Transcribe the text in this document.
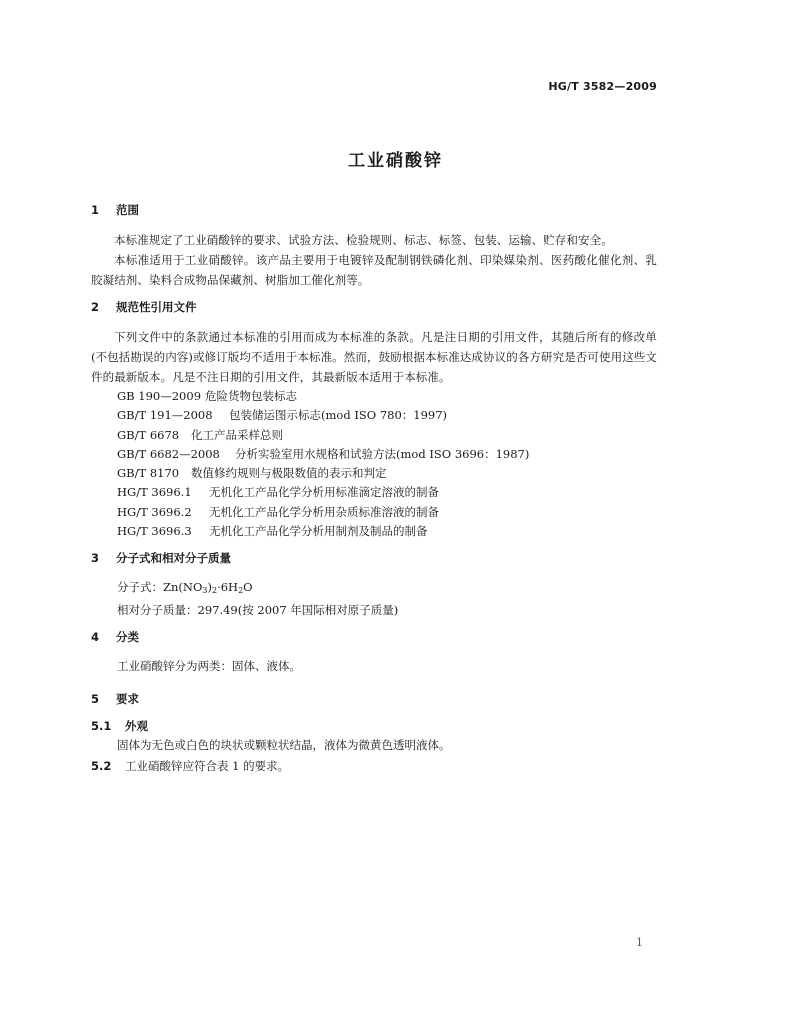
HG/T 3582—2009
工业硝酸锌
1 范围

本标准规定了工业硝酸锌的要求、试验方法、检验规则、标志、标签、包装、运输、贮存和安全。

本标准适用于工业硝酸锌。该产品主要用于电镀锌及配制钢铁磷化剂、印染媒染剂、医药酸化催化剂、乳胶凝结剂、染料合成物品保藏剂、树脂加工催化剂等。

2 规范性引用文件

下列文件中的条款通过本标准的引用而成为本标准的条款。凡是注日期的引用文件，其随后所有的修改单(不包括勘误的内容)或修订版均不适用于本标准。然而，鼓励根据本标准达成协议的各方研究是否可使用这些文件的最新版本。凡是不注日期的引用文件，其最新版本适用于本标准。

GB 190—2009 危险货物包装标志
GB/T 191—2008 包装储运图示标志(mod ISO 780：1997)
GB/T 6678 化工产品采样总则
GB/T 6682—2008 分析实验室用水规格和试验方法(mod ISO 3696：1987)
GB/T 8170 数值修约规则与极限数值的表示和判定
HG/T 3696.1 无机化工产品化学分析用标准滴定溶液的制备
HG/T 3696.2 无机化工产品化学分析用杂质标准溶液的制备
HG/T 3696.3 无机化工产品化学分析用制剂及制品的制备
3 分子式和相对分子质量
分子式：$Zn(NO_3)_2\cdot 6H_2O$
相对分子质量：297.49(按 2007 年国际相对原子质量)
4 分类
工业硝酸锌分为两类：固体、液体。
5 要求
5.1 外观
固体为无色或白色的块状或颗粒状结晶，液体为微黄色透明液体。
5.2 工业硝酸锌应符合表 1 的要求。
1
